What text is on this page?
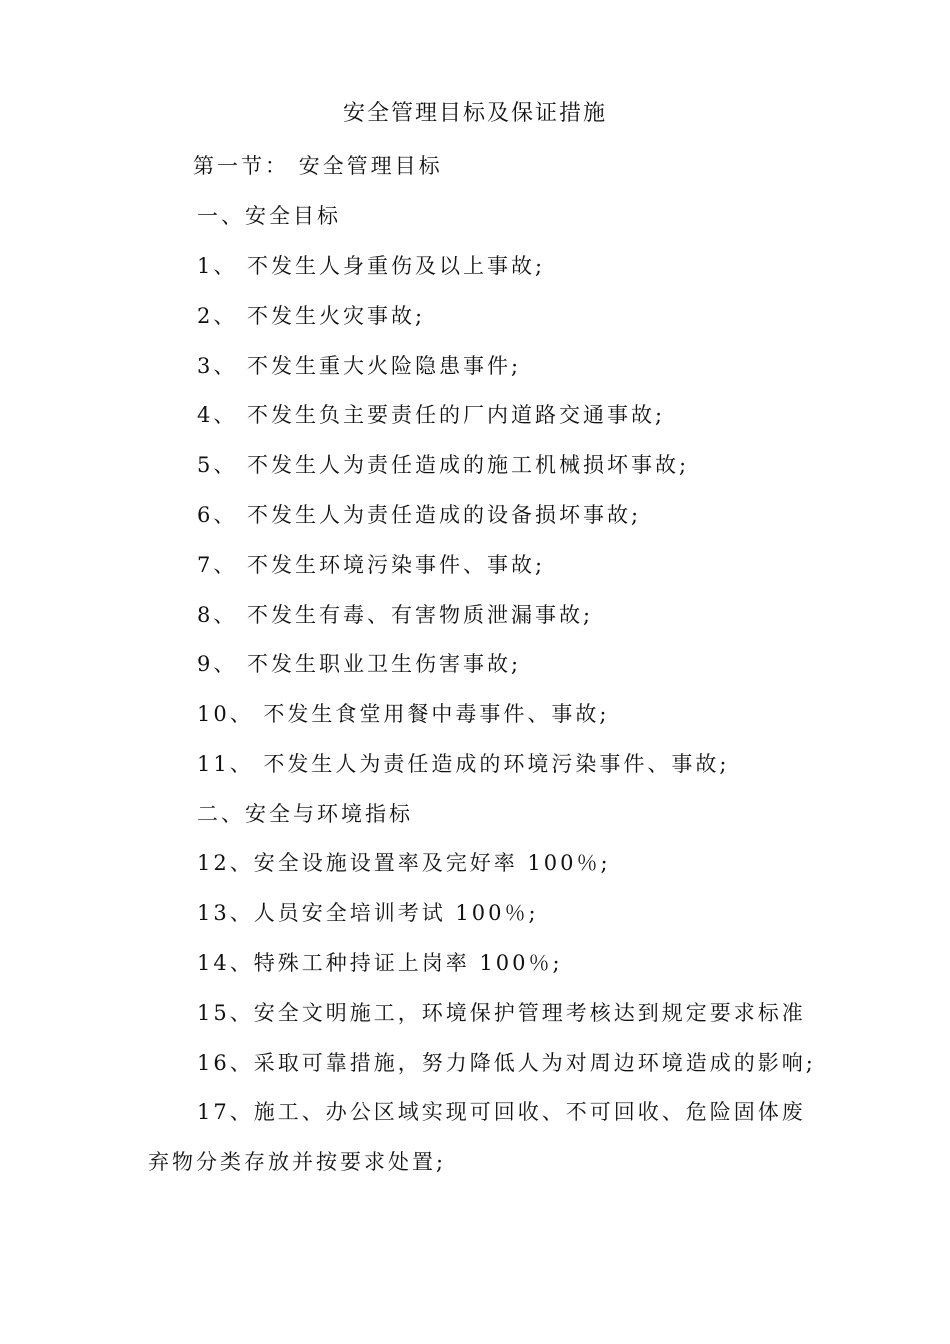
安全管理目标及保证措施
第一节： 安全管理目标
一、安全目标
1、 不发生人身重伤及以上事故;
2、 不发生火灾事故;
3、 不发生重大火险隐患事件;
4、 不发生负主要责任的厂内道路交通事故;
5、 不发生人为责任造成的施工机械损坏事故;
6、 不发生人为责任造成的设备损坏事故;
7、 不发生环境污染事件、事故;
8、 不发生有毒、有害物质泄漏事故;
9、 不发生职业卫生伤害事故;
10、 不发生食堂用餐中毒事件、事故;
11、 不发生人为责任造成的环境污染事件、事故;
二、安全与环境指标
12、安全设施设置率及完好率 100％;
13、人员安全培训考试 100％;
14、特殊工种持证上岗率 100％;
15、安全文明施工，环境保护管理考核达到规定要求标准
16、采取可靠措施，努力降低人为对周边环境造成的影响;
17、施工、办公区域实现可回收、不可回收、危险固体废
弃物分类存放并按要求处置;
